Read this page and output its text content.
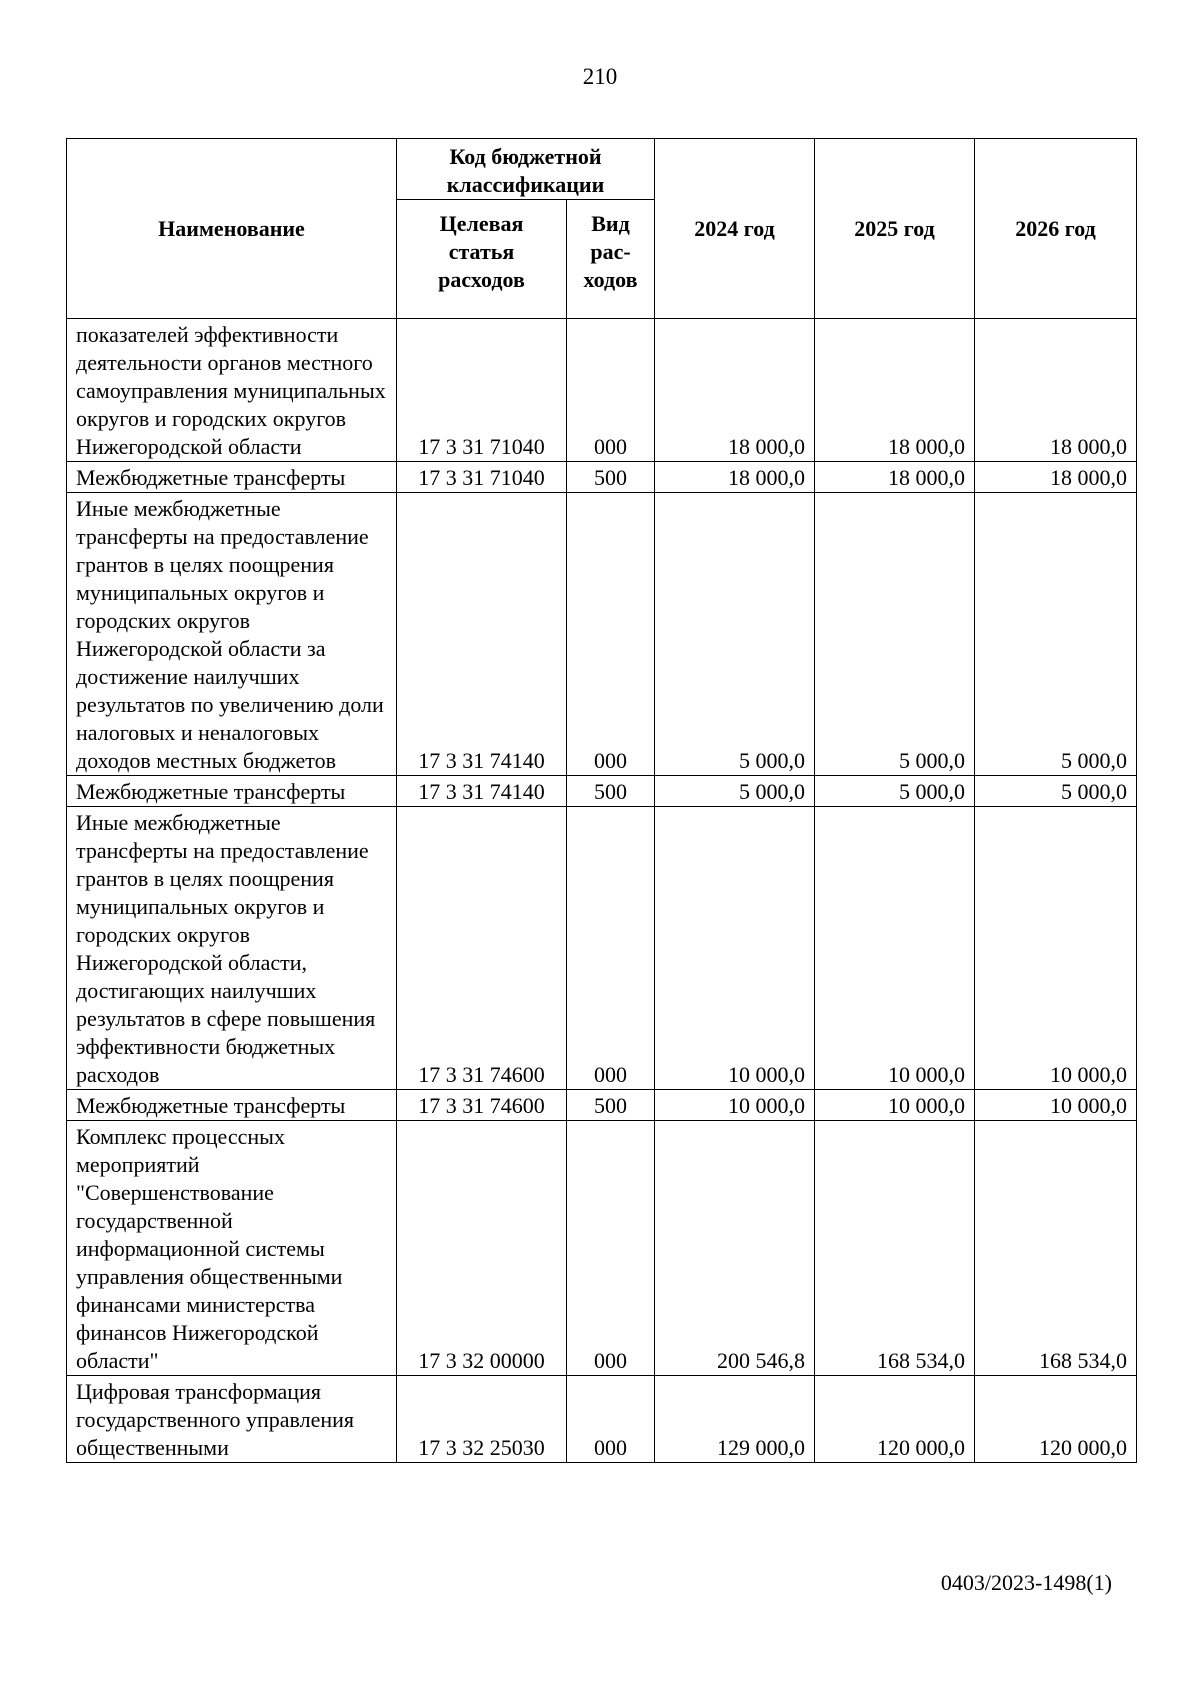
210
Наименование	Код бюджетной классификации		2024 год	2025 год	2026 год
	Целевая статья расходов	Вид рас-ходов			
показателей эффективности деятельности органов местного самоуправления муниципальных округов и городских округов Нижегородской области	17 3 31 71040	000	18 000,0	18 000,0	18 000,0
Межбюджетные трансферты	17 3 31 71040	500	18 000,0	18 000,0	18 000,0
Иные межбюджетные трансферты на предоставление грантов в целях поощрения муниципальных округов и городских округов Нижегородской области за достижение наилучших результатов по увеличению доли налоговых и неналоговых доходов местных бюджетов	17 3 31 74140	000	5 000,0	5 000,0	5 000,0
Межбюджетные трансферты	17 3 31 74140	500	5 000,0	5 000,0	5 000,0
Иные межбюджетные трансферты на предоставление грантов в целях поощрения муниципальных округов и городских округов Нижегородской области, достигающих наилучших результатов в сфере повышения эффективности бюджетных расходов	17 3 31 74600	000	10 000,0	10 000,0	10 000,0
Межбюджетные трансферты	17 3 31 74600	500	10 000,0	10 000,0	10 000,0
Комплекс процессных мероприятий "Совершенствование государственной информационной системы управления общественными финансами министерства финансов Нижегородской области"	17 3 32 00000	000	200 546,8	168 534,0	168 534,0
Цифровая трансформация государственного управления общественными	17 3 32 25030	000	129 000,0	120 000,0	120 000,0
0403/2023-1498(1)
